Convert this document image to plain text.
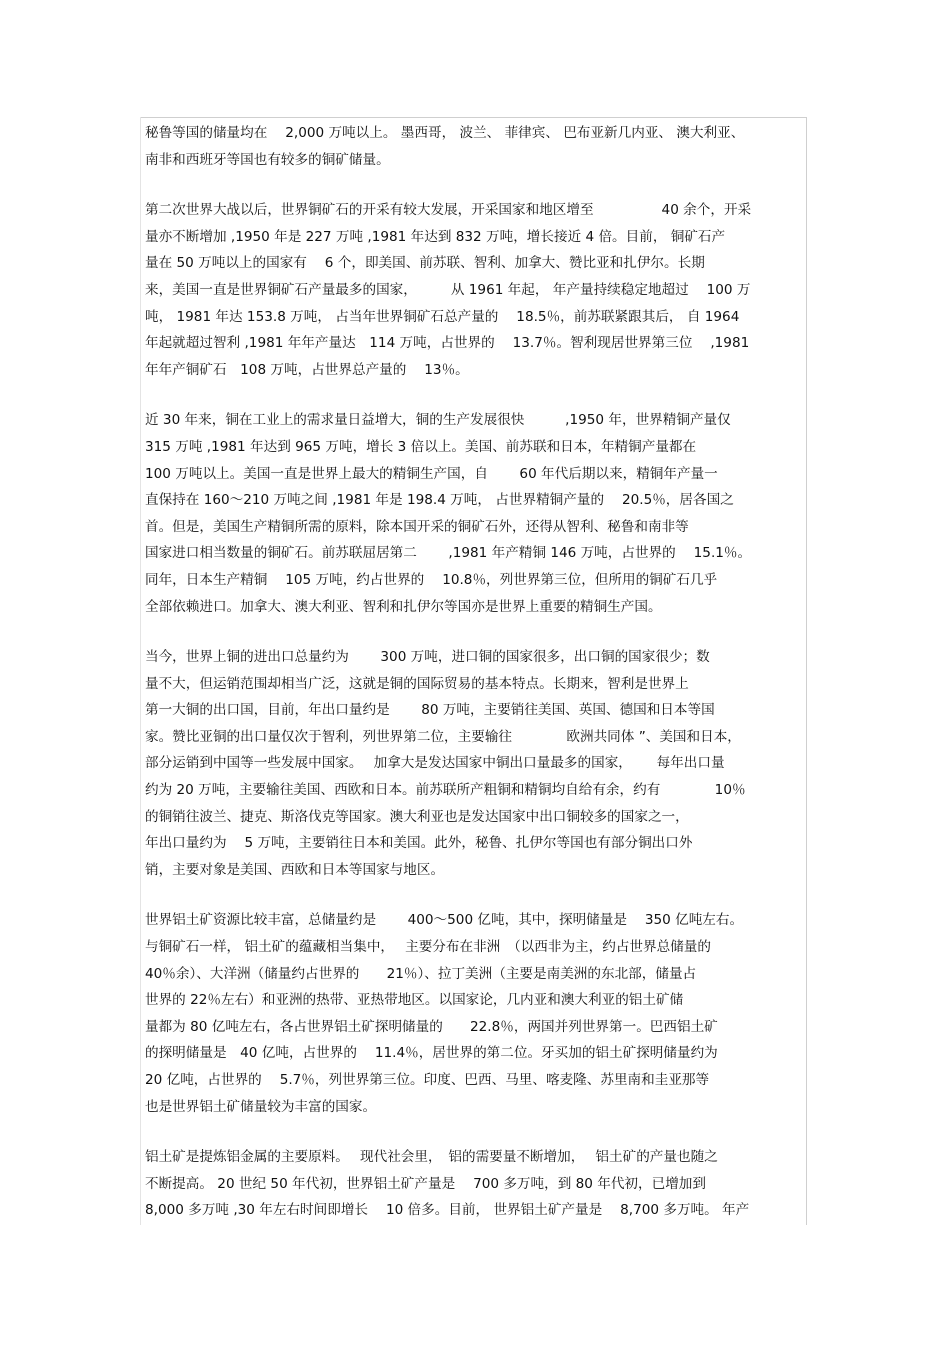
秘鲁等国的储量均在　 2,000 万吨以上。 墨西哥， 波兰、 菲律宾、 巴布亚新几内亚、 澳大利亚、
南非和西班牙等国也有较多的铜矿储量。
第二次世界大战以后，世界铜矿石的开采有较大发展，开采国家和地区增至　　　　　40 余个，开采
量亦不断增加 ,1950 年是 227 万吨 ,1981 年达到 832 万吨，增长接近 4 倍。目前， 铜矿石产
量在 50 万吨以上的国家有　 6 个，即美国、前苏联、智利、加拿大、赞比亚和扎伊尔。长期
来，美国一直是世界铜矿石产量最多的国家，　　　从 1961 年起， 年产量持续稳定地超过　 100 万
吨， 1981 年达 153.8 万吨， 占当年世界铜矿石总产量的　 18.5％，前苏联紧跟其后， 自 1964
年起就超过智利 ,1981 年年产量达　114 万吨，占世界的　 13.7％。智利现居世界第三位　 ,1981
年年产铜矿石　108 万吨，占世界总产量的　 13％。
近 30 年来，铜在工业上的需求量日益增大，铜的生产发展很快　　　,1950 年，世界精铜产量仅
315 万吨 ,1981 年达到 965 万吨，增长 3 倍以上。美国、前苏联和日本，年精铜产量都在
100 万吨以上。美国一直是世界上最大的精铜生产国，自　　 60 年代后期以来，精铜年产量一
直保持在 160～210 万吨之间 ,1981 年是 198.4 万吨， 占世界精铜产量的　 20.5％，居各国之
首。但是，美国生产精铜所需的原料，除本国开采的铜矿石外，还得从智利、秘鲁和南非等
国家进口相当数量的铜矿石。前苏联屈居第二　　 ,1981 年产精铜 146 万吨，占世界的　 15.1％。
同年，日本生产精铜　 105 万吨，约占世界的　 10.8％，列世界第三位，但所用的铜矿石几乎
全部依赖进口。加拿大、澳大利亚、智利和扎伊尔等国亦是世界上重要的精铜生产国。
当今，世界上铜的进出口总量约为　　 300 万吨，进口铜的国家很多，出口铜的国家很少；数
量不大，但运销范围却相当广泛，这就是铜的国际贸易的基本特点。长期来，智利是世界上
第一大铜的出口国，目前，年出口量约是　　 80 万吨，主要销往美国、英国、德国和日本等国
家。赞比亚铜的出口量仅次于智利，列世界第二位，主要输往　　　　欧洲共同体 ”、美国和日本，
部分运销到中国等一些发展中国家。　 加拿大是发达国家中铜出口量最多的国家，　　 每年出口量
约为 20 万吨，主要输往美国、西欧和日本。前苏联所产粗铜和精铜均自给有余，约有　　　　10％
的铜销往波兰、捷克、斯洛伐克等国家。澳大利亚也是发达国家中出口铜较多的国家之一，
年出口量约为　 5 万吨，主要销往日本和美国。此外，秘鲁、扎伊尔等国也有部分铜出口外
销，主要对象是美国、西欧和日本等国家与地区。
世界铝土矿资源比较丰富，总储量约是　　 400～500 亿吨，其中，探明储量是　 350 亿吨左右。
与铜矿石一样， 铝土矿的蕴藏相当集中，　 主要分布在非洲　（以西非为主，约占世界总储量的
40％余）、大洋洲（储量约占世界的　　21％）、拉丁美洲（主要是南美洲的东北部，储量占
世界的 22％左右）和亚洲的热带、亚热带地区。以国家论，几内亚和澳大利亚的铝土矿储
量都为 80 亿吨左右，各占世界铝土矿探明储量的　　22.8％，两国并列世界第一。巴西铝土矿
的探明储量是　40 亿吨，占世界的　 11.4％，居世界的第二位。牙买加的铝土矿探明储量约为
20 亿吨，占世界的　 5.7％，列世界第三位。印度、巴西、马里、喀麦隆、苏里南和圭亚那等
也是世界铝土矿储量较为丰富的国家。
铝土矿是提炼铝金属的主要原料。　 现代社会里，　铝的需要量不断增加，　 铝土矿的产量也随之
不断提高。 20 世纪 50 年代初，世界铝土矿产量是　 700 多万吨，到 80 年代初，已增加到
8,000 多万吨 ,30 年左右时间即增长　 10 倍多。目前， 世界铝土矿产量是　 8,700 多万吨。 年产
